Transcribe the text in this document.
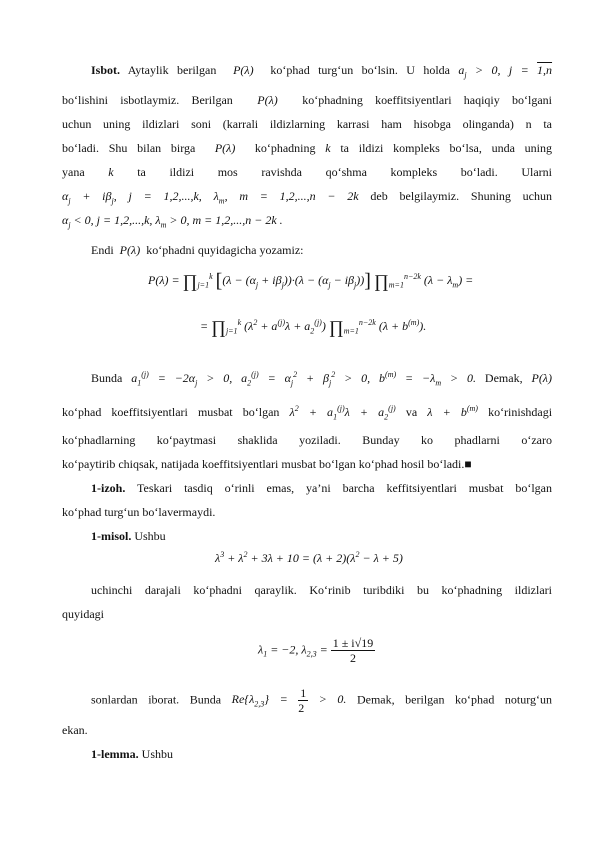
Isbot. Aytaylik berilgan  P(λ)  ko‘phad turg‘un bo‘lsin. U holda $a_j > 0$, j = 1,n
bo‘lishini isbotlaymiz. Berilgan  P(λ)  ko‘phadning koeffitsiyentlari haqiqiy bo‘lgani
uchun uning ildizlari soni (karrali ildizlarning karrasi ham hisobga olinganda) n ta
bo‘ladi. Shu bilan birga  P(λ)  ko‘phadning k ta ildizi kompleks bo‘lsa, unda uning
yana k ta ildizi mos ravishda qo‘shma kompleks bo‘ladi. Ularni
$\alpha_j + i\beta_j$, j = 1,2,...,k, $\lambda_m$, m = 1,2,...,n − 2k deb belgilaymiz. Shuning uchun
$\alpha_j < 0$, j = 1,2,...,k, $\lambda_m > 0$, m = 1,2,...,n − 2k .
Endi  P(λ)  ko‘phadni quyidagicha yozamiz:
$P(\lambda) = \prod_{j=1}^k$ $[(\lambda - (\alpha_j + i\beta_j))\cdot(\lambda - (\alpha_j - i\beta_j))]$ $\prod_{m=1}^{n-2k}$ $(\lambda - \lambda_m)$ =
= $\prod_{j=1}^k$ $(\lambda^2 + a^{(j)}\lambda + a_2^{(j)})$ $\prod_{m=1}^{n-2k}$ $(\lambda + b^{(m)})$.
Bunda $a_1^{(j)} = -2\alpha_j > 0$, $a_2^{(j)} = \alpha_j^2 + \beta_j^2 > 0$, $b^{(m)} = -\lambda_m > 0$. Demak, P(λ)
ko‘phad koeffitsiyentlari musbat bo‘lgan $\lambda^2 + a_1^{(j)}\lambda + a_2^{(j)}$ va $\lambda + b^{(m)}$ ko‘rinishdagi
ko‘phadlarning ko‘paytmasi shaklida yoziladi. Bunday ko phadlarni o‘zaro
ko‘paytirib chiqsak, natijada koeffitsiyentlari musbat bo‘lgan ko‘phad hosil bo‘ladi.■
1-izoh. Teskari tasdiq o‘rinli emas, ya’ni barcha keffitsiyentlari musbat bo‘lgan
ko‘phad turg‘un bo‘lavermaydi.
1-misol. Ushbu
$\lambda^3 + \lambda^2 + 3\lambda + 10 = (\lambda + 2)(\lambda^2 - \lambda + 5)$
uchinchi darajali ko‘phadni qaraylik. Ko‘rinib turibdiki bu ko‘phadning ildizlari
quyidagi
$\lambda_1 = -2$, $\lambda_{2,3} = \frac{1 \pm i√19}{2}$
sonlardan iborat. Bunda $Re\{\lambda_{2,3}\} = \frac{1}{2} > 0$. Demak, berilgan ko‘phad noturg‘un
ekan.
1-lemma. Ushbu
